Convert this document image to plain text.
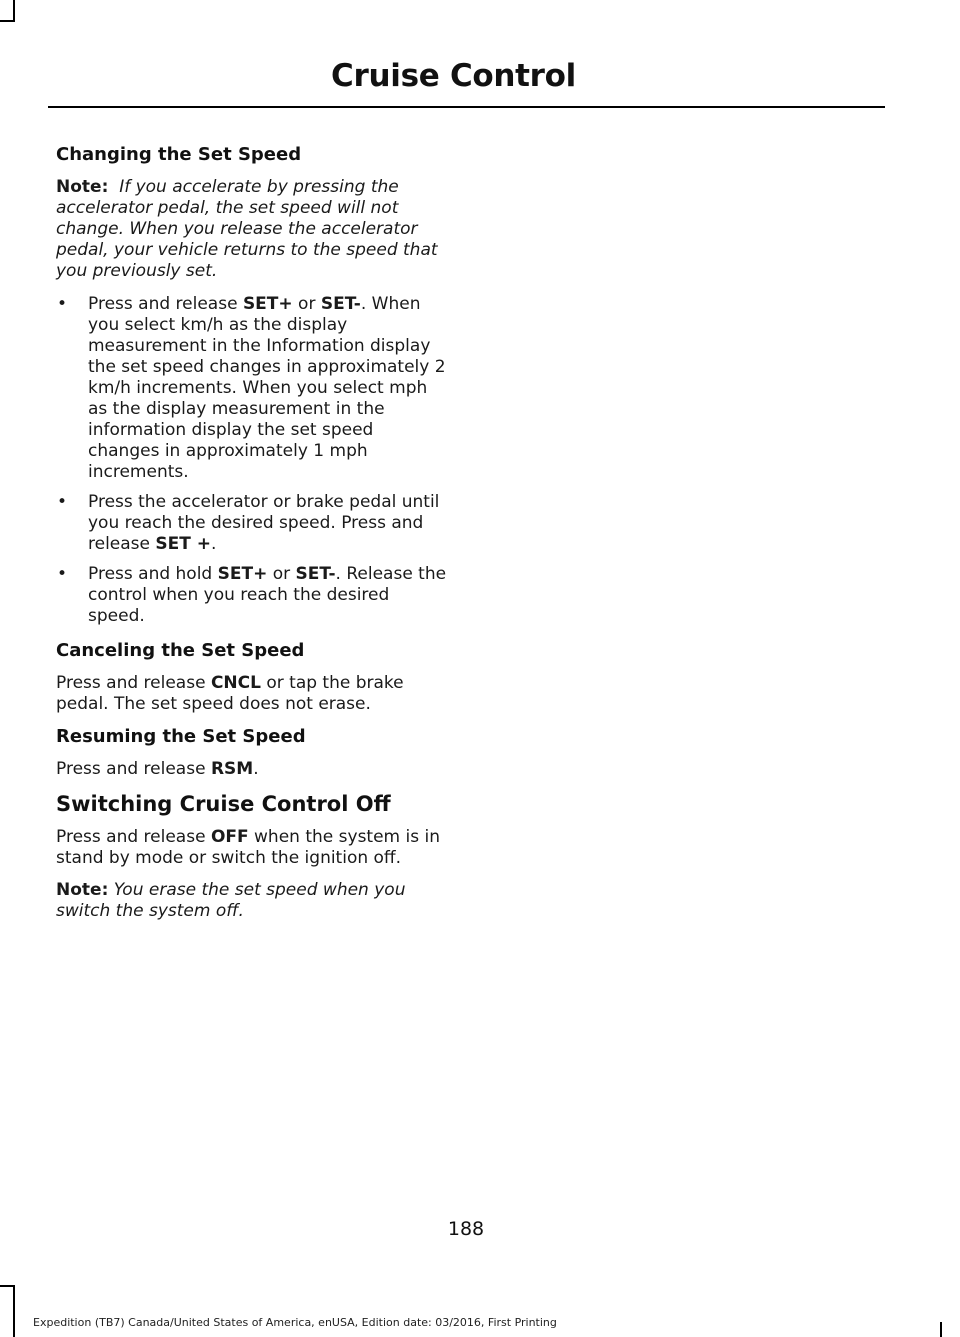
Cruise Control
Changing the Set Speed
Note: If you accelerate by pressing the accelerator pedal, the set speed will not change. When you release the accelerator pedal, your vehicle returns to the speed that you previously set.
• Press and release SET+ or SET-. When you select km/h as the display measurement in the Information display the set speed changes in approximately 2 km/h increments. When you select mph as the display measurement in the information display the set speed changes in approximately 1 mph increments.
• Press the accelerator or brake pedal until you reach the desired speed. Press and release SET +.
• Press and hold SET+ or SET-. Release the control when you reach the desired speed.
Canceling the Set Speed
Press and release CNCL or tap the brake pedal. The set speed does not erase.
Resuming the Set Speed
Press and release RSM.
Switching Cruise Control Off
Press and release OFF when the system is in stand by mode or switch the ignition off.
Note: You erase the set speed when you switch the system off.
188
Expedition (TB7) Canada/United States of America, enUSA, Edition date: 03/2016, First Printing
